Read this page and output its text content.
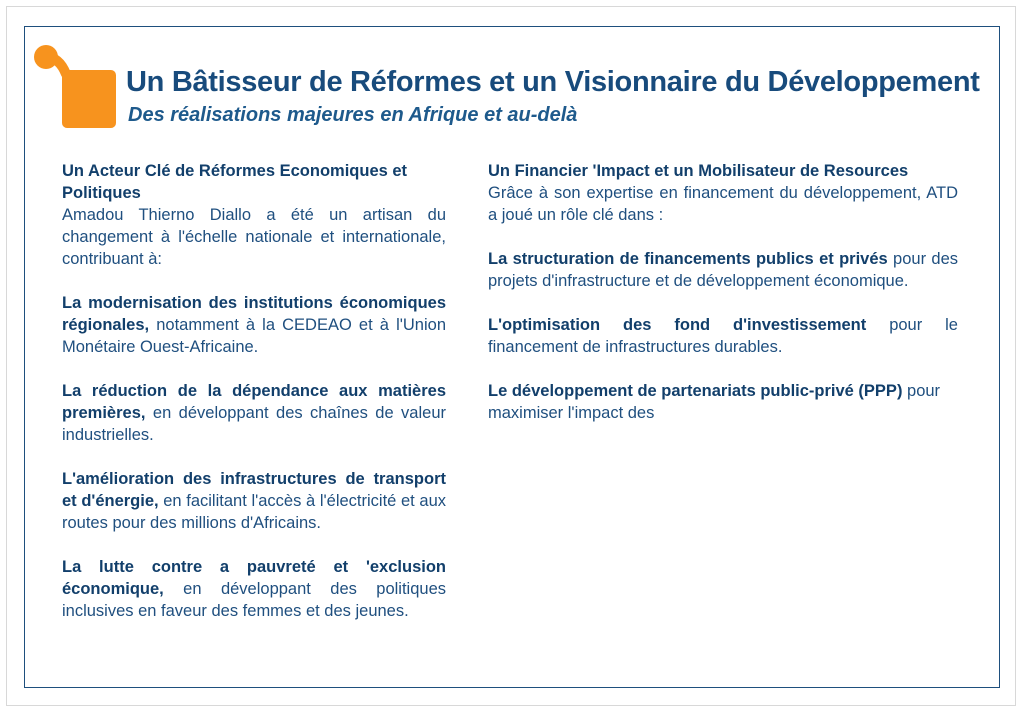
Un Bâtisseur de Réformes et un Visionnaire du Développement
Des réalisations majeures en Afrique et au-delà

Un Acteur Clé de Réformes Economiques et Politiques

Amadou Thierno Diallo a été un artisan du changement à l'échelle nationale et internationale, contribuant à:

La modernisation des institutions économiques régionales, notamment à la CEDEAO et à l'Union Monétaire Ouest-Africaine.

La réduction de la dépendance aux matières premières, en développant des chaînes de valeur industrielles.

L'amélioration des infrastructures de transport et d'énergie, en facilitant l'accès à l'électricité et aux routes pour des millions d'Africains.

La lutte contre a pauvreté et 'exclusion économique, en développant des politiques inclusives en faveur des femmes et des jeunes.

Un Financier 'Impact et un Mobilisateur de Resources

Grâce à son expertise en financement du développement, ATD a joué un rôle clé dans :

La structuration de financements publics et privés pour des projets d'infrastructure et de développement économique.

L'optimisation des fond d'investissement pour le financement de infrastructures durables.

Le développement de partenariats public-privé (PPP) pour maximiser l'impact des
